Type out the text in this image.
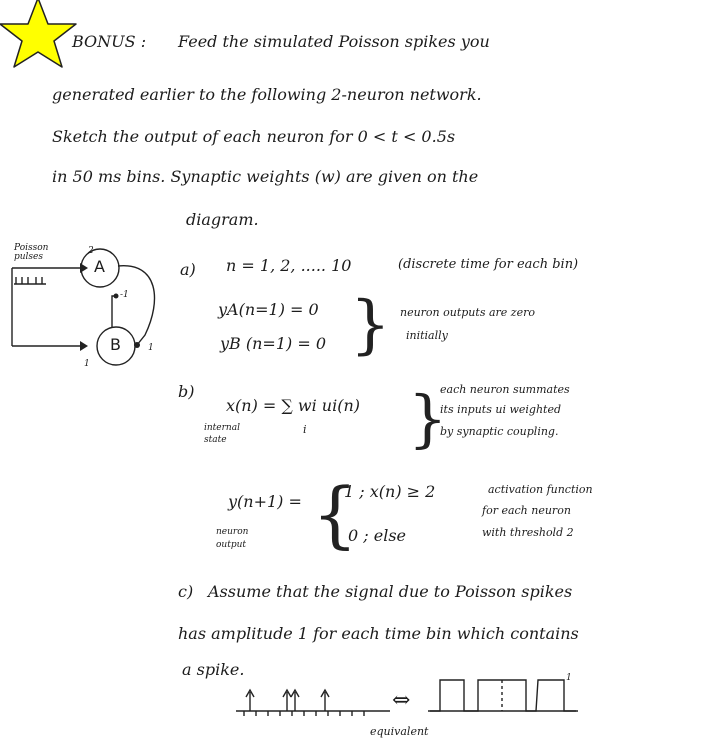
BONUS : Feed the simulated Poisson spikes you
generated earlier to the following 2-neuron network.
Sketch the output of each neuron for 0 < t < 0.5s
in 50 ms bins. Synaptic weights (w) are given on the
diagram.
A
B
Poisson pulses
2
-1
1
1
a) n = 1, 2, ..... 10	(discrete time for each bin)
yA(n=1) = 0
yB (n=1) = 0 } neuron outputs are zero
initially
b)
x(n) = ∑ wi ui(n)
i
internal
state	}
each neuron summates
its inputs ui weighted
by synaptic coupling.
y(n+1) = {
1 ; x(n) ≥ 2
0 ; else
neuron
output
activation function
for each neuron
with threshold 2
c) Assume that the signal due to Poisson spikes
has amplitude 1 for each time bin which contains
a spike.
⇔
1
equivalent
